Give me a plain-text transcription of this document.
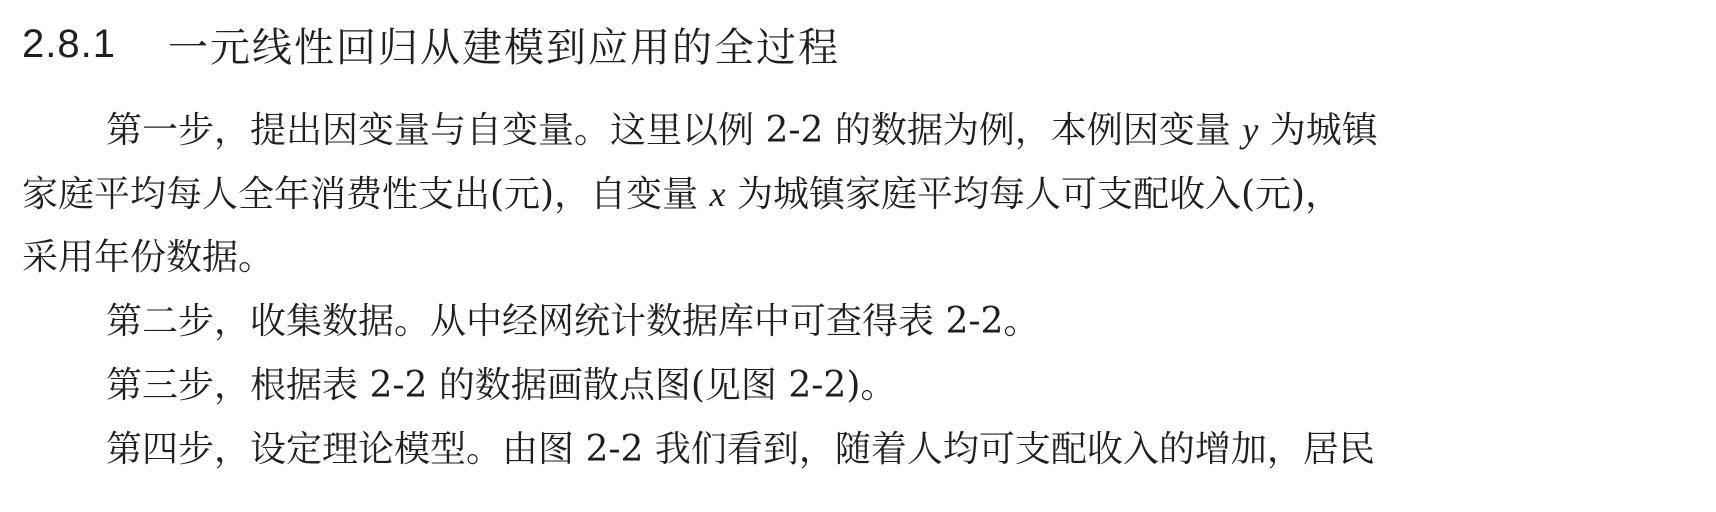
2.8.1 一元线性回归从建模到应用的全过程
第一步，提出因变量与自变量。这里以例 2-2 的数据为例，本例因变量 y 为城镇
家庭平均每人全年消费性支出(元)，自变量 x 为城镇家庭平均每人可支配收入(元)，
采用年份数据。
第二步，收集数据。从中经网统计数据库中可查得表 2-2。
第三步，根据表 2-2 的数据画散点图(见图 2-2)。
第四步，设定理论模型。由图 2-2 我们看到，随着人均可支配收入的增加，居民
